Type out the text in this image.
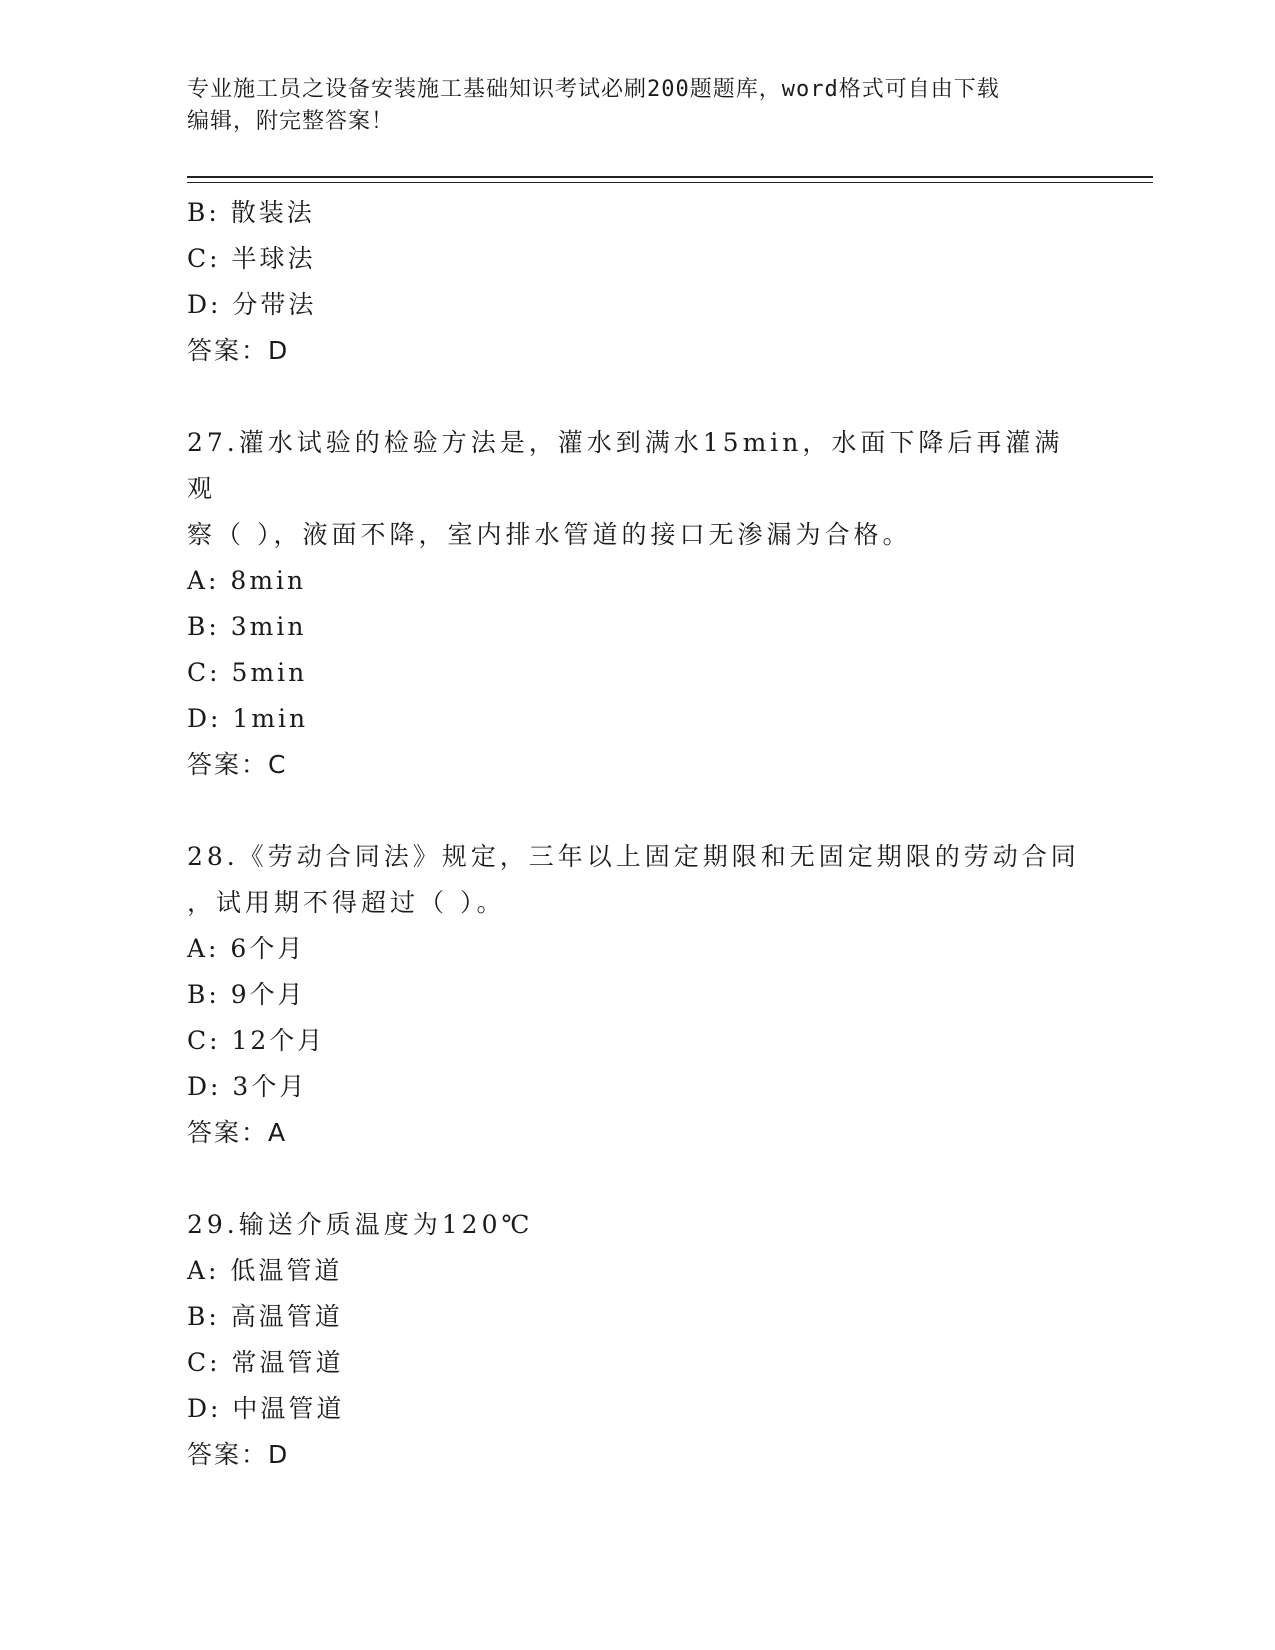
专业施工员之设备安装施工基础知识考试必刷200题题库，word格式可自由下载
编辑，附完整答案！
B: 散装法
C: 半球法
D: 分带法
答案：D
27.灌水试验的检验方法是，灌水到满水15min，水面下降后再灌满观
察（ ），液面不降，室内排水管道的接口无渗漏为合格。
A: 8min
B: 3min
C: 5min
D: 1min
答案：C
28.《劳动合同法》规定，三年以上固定期限和无固定期限的劳动合同
，试用期不得超过（ ）。
A: 6个月
B: 9个月
C: 12个月
D: 3个月
答案：A
29.输送介质温度为120℃
A: 低温管道
B: 高温管道
C: 常温管道
D: 中温管道
答案：D
